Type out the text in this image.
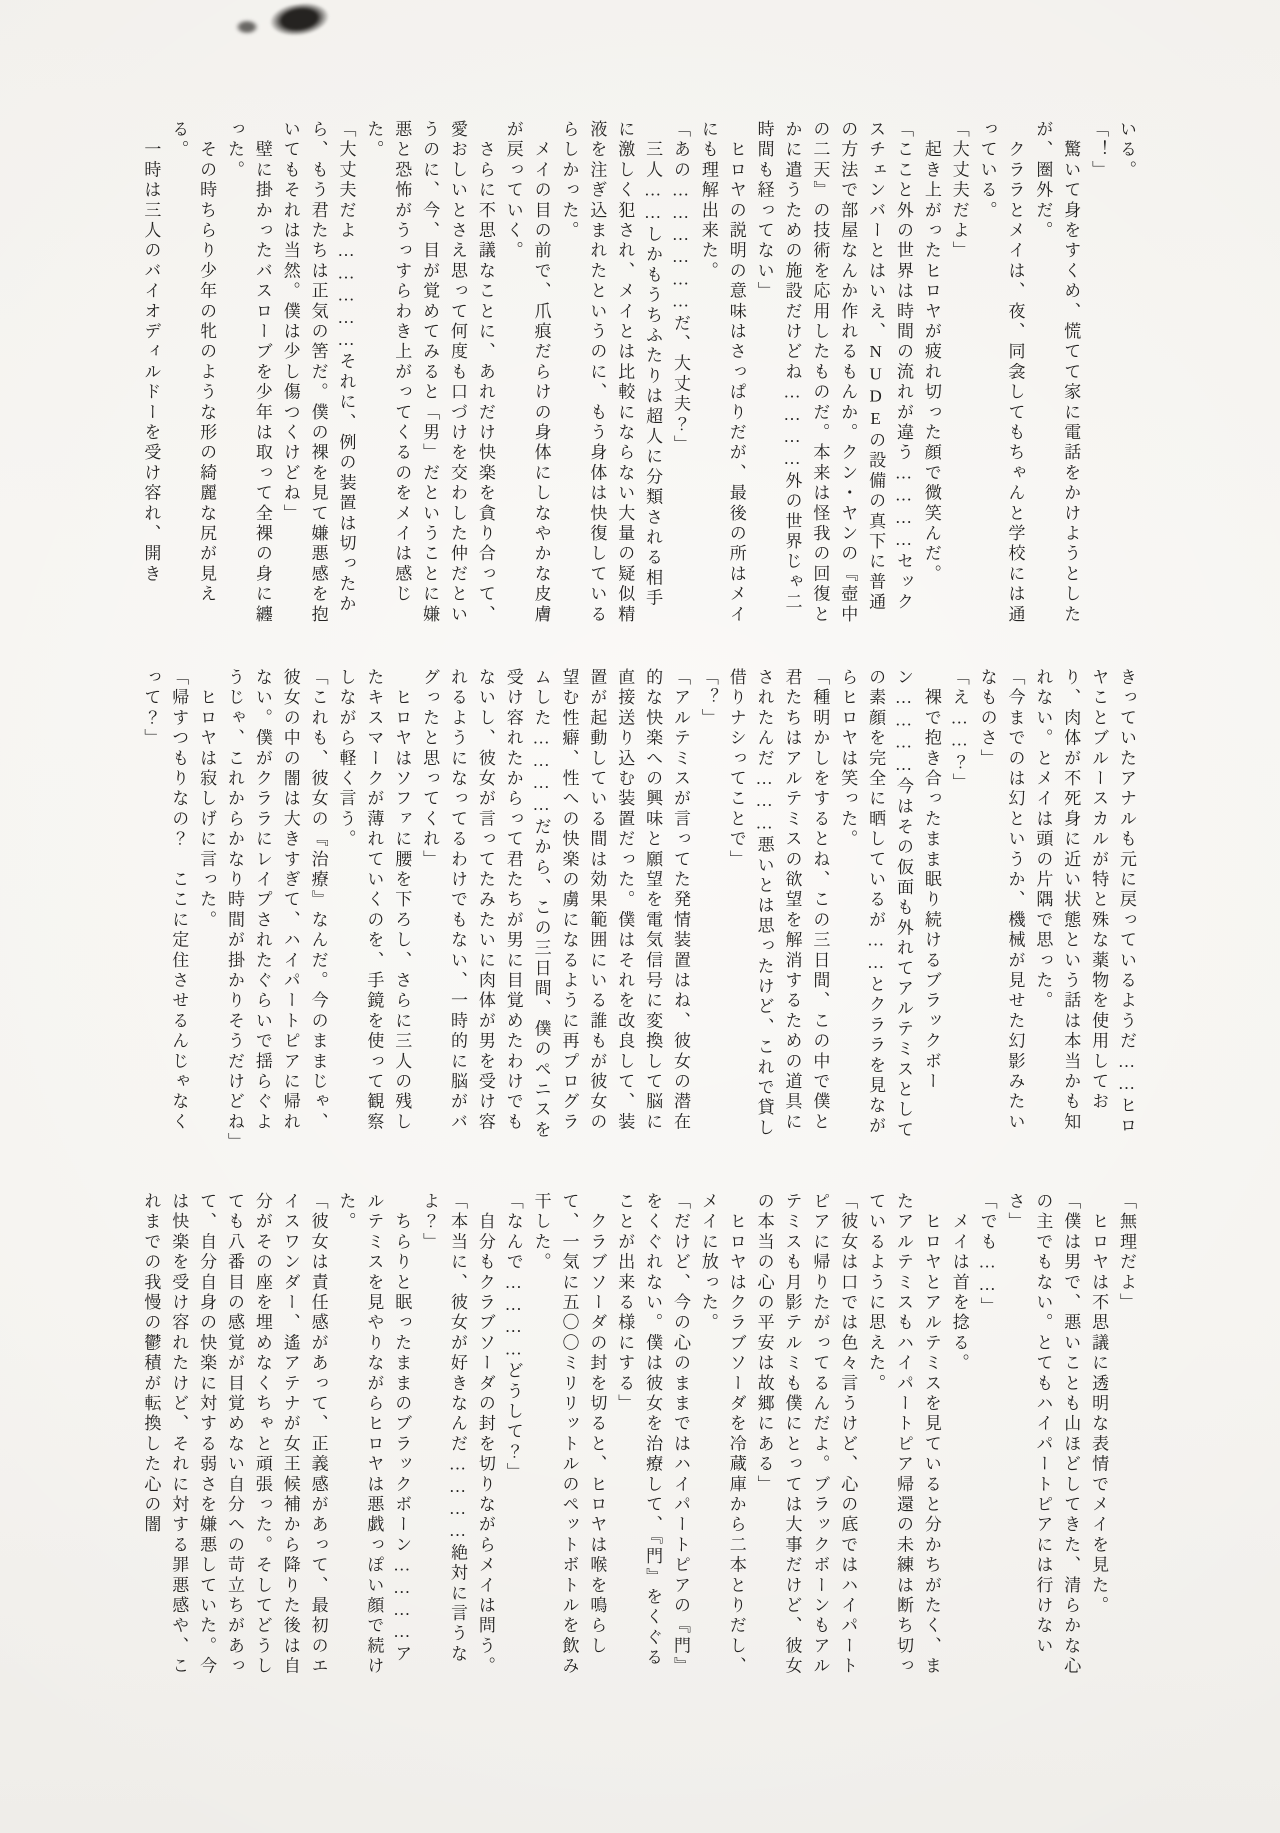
いる。

「！」

　驚いて身をすくめ、慌てて家に電話をかけようとしたが、圏外だ。

　クララとメイは、夜、同衾してもちゃんと学校には通っている。

「大丈夫だよ」

　起き上がったヒロヤが疲れ切った顔で微笑んだ。

「ここと外の世界は時間の流れが違う…………セックスチェンバーとはいえ、NUDEの設備の真下に普通の方法で部屋なんか作れるもんか。クン・ヤンの『壺中の二天』の技術を応用したものだ。本来は怪我の回復とかに遣うための施設だけどね…………外の世界じゃ二時間も経ってない」

　ヒロヤの説明の意味はさっぱりだが、最後の所はメイにも理解出来た。

「あの………………だ、大丈夫？」

　三人……しかもうちふたりは超人に分類される相手に激しく犯され、メイとは比較にならない大量の疑似精液を注ぎ込まれたというのに、もう身体は快復しているらしかった。

　メイの目の前で、爪痕だらけの身体にしなやかな皮膚が戻っていく。

　さらに不思議なことに、あれだけ快楽を貪り合って、愛おしいとさえ思って何度も口づけを交わした仲だというのに、今、目が覚めてみると「男」だということに嫌悪と恐怖がうっすらわき上がってくるのをメイは感じた。

「大丈夫だよ……………それに、例の装置は切ったから、もう君たちは正気の筈だ。僕の裸を見て嫌悪感を抱いてもそれは当然。僕は少し傷つくけどね」

　壁に掛かったバスローブを少年は取って全裸の身に纏った。

　その時ちらり少年の牝のような形の綺麗な尻が見える。

　一時は三人のバイオディルドーを受け容れ、開き

きっていたアナルも元に戻っているようだ……ヒロヤことブルースカルが特と殊な薬物を使用しており、肉体が不死身に近い状態という話は本当かも知れない。とメイは頭の片隅で思った。

「今までのは幻というか、機械が見せた幻影みたいなものさ」

「え……？」

　裸で抱き合ったまま眠り続けるブラックボーン…………今はその仮面も外れてアルテミスとしての素顔を完全に晒しているが……とクララを見ながらヒロヤは笑った。

「種明かしをするとね、この三日間、この中で僕と君たちはアルテミスの欲望を解消するための道具にされたんだ………悪いとは思ったけど、これで貸し借りナシってことで」

「？」

「アルテミスが言ってた発情装置はね、彼女の潜在的な快楽への興味と願望を電気信号に変換して脳に直接送り込む装置だった。僕はそれを改良して、装置が起動している間は効果範囲にいる誰もが彼女の望む性癖、性への快楽の虜になるように再プログラムした…………だから、この三日間、僕のペニスを受け容れたからって君たちが男に目覚めたわけでもないし、彼女が言ってたみたいに肉体が男を受け容れるようになってるわけでもない、一時的に脳がバグったと思ってくれ」

　ヒロヤはソファに腰を下ろし、さらに三人の残したキスマークが薄れていくのを、手鏡を使って観察しながら軽く言う。

「これも、彼女の『治療』なんだ。今のままじゃ、彼女の中の闇は大きすぎて、ハイパートピアに帰れない。僕がクララにレイプされたぐらいで揺らぐようじゃ、これからかなり時間が掛かりそうだけどね」

　ヒロヤは寂しげに言った。

「帰すつもりなの？　ここに定住させるんじゃなくって？」

「無理だよ」

　ヒロヤは不思議に透明な表情でメイを見た。

「僕は男で、悪いことも山ほどしてきた、清らかな心の主でもない。とてもハイパートピアには行けないさ」

「でも……」

　メイは首を捻る。

　ヒロヤとアルテミスを見ていると分かちがたく、またアルテミスもハイパートピア帰還の未練は断ち切っているように思えた。

「彼女は口では色々言うけど、心の底ではハイパートピアに帰りたがってるんだよ。ブラックボーンもアルテミスも月影テルミも僕にとっては大事だけど、彼女の本当の心の平安は故郷にある」

　ヒロヤはクラブソーダを冷蔵庫から二本とりだし、メイに放った。

「だけど、今の心のままではハイパートピアの『門』をくぐれない。僕は彼女を治療して、『門』をくぐることが出来る様にする」

　クラブソーダの封を切ると、ヒロヤは喉を鳴らして、一気に五〇〇ミリリットルのペットボトルを飲み干した。

「なんで…………どうして？」

　自分もクラブソーダの封を切りながらメイは問う。

「本当に、彼女が好きなんだ…………絶対に言うなよ？」

　ちらりと眠ったままのブラックボーン…………アルテミスを見やりながらヒロヤは悪戯っぽい顔で続けた。

「彼女は責任感があって、正義感があって、最初のエイスワンダー、遙アテナが女王候補から降りた後は自分がその座を埋めなくちゃと頑張った。そしてどうしても八番目の感覚が目覚めない自分への苛立ちがあって、自分自身の快楽に対する弱さを嫌悪していた。今は快楽を受け容れたけど、それに対する罪悪感や、これまでの我慢の鬱積が転換した心の闇
